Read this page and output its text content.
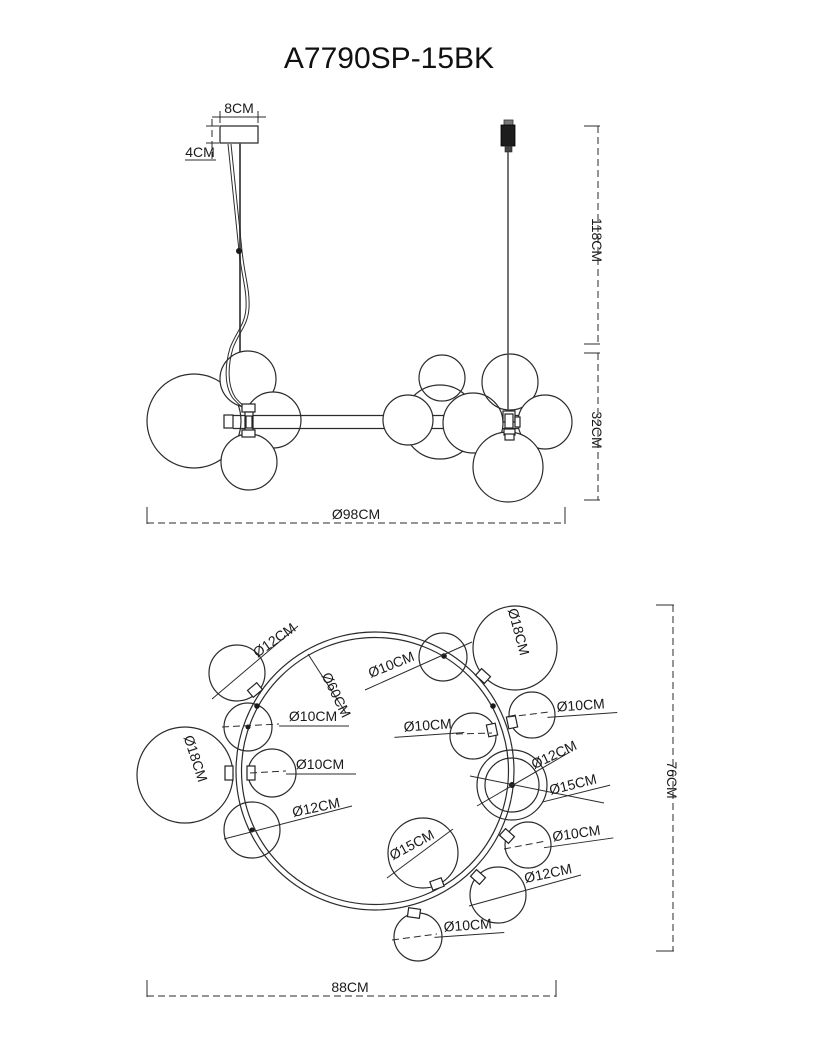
A7790SP-15BK
8CM
4CM
118CM
32CM
Ø98CM
Ø12CM
Ø60CM
Ø10CM
Ø18CM	Ø10CM
Ø12CM
Ø10CM
Ø18CM
Ø10CM
Ø10CM
Ø12CM
Ø15CM
Ø10CM
Ø15CM
Ø12CM
Ø10CM
76CM
88CM
